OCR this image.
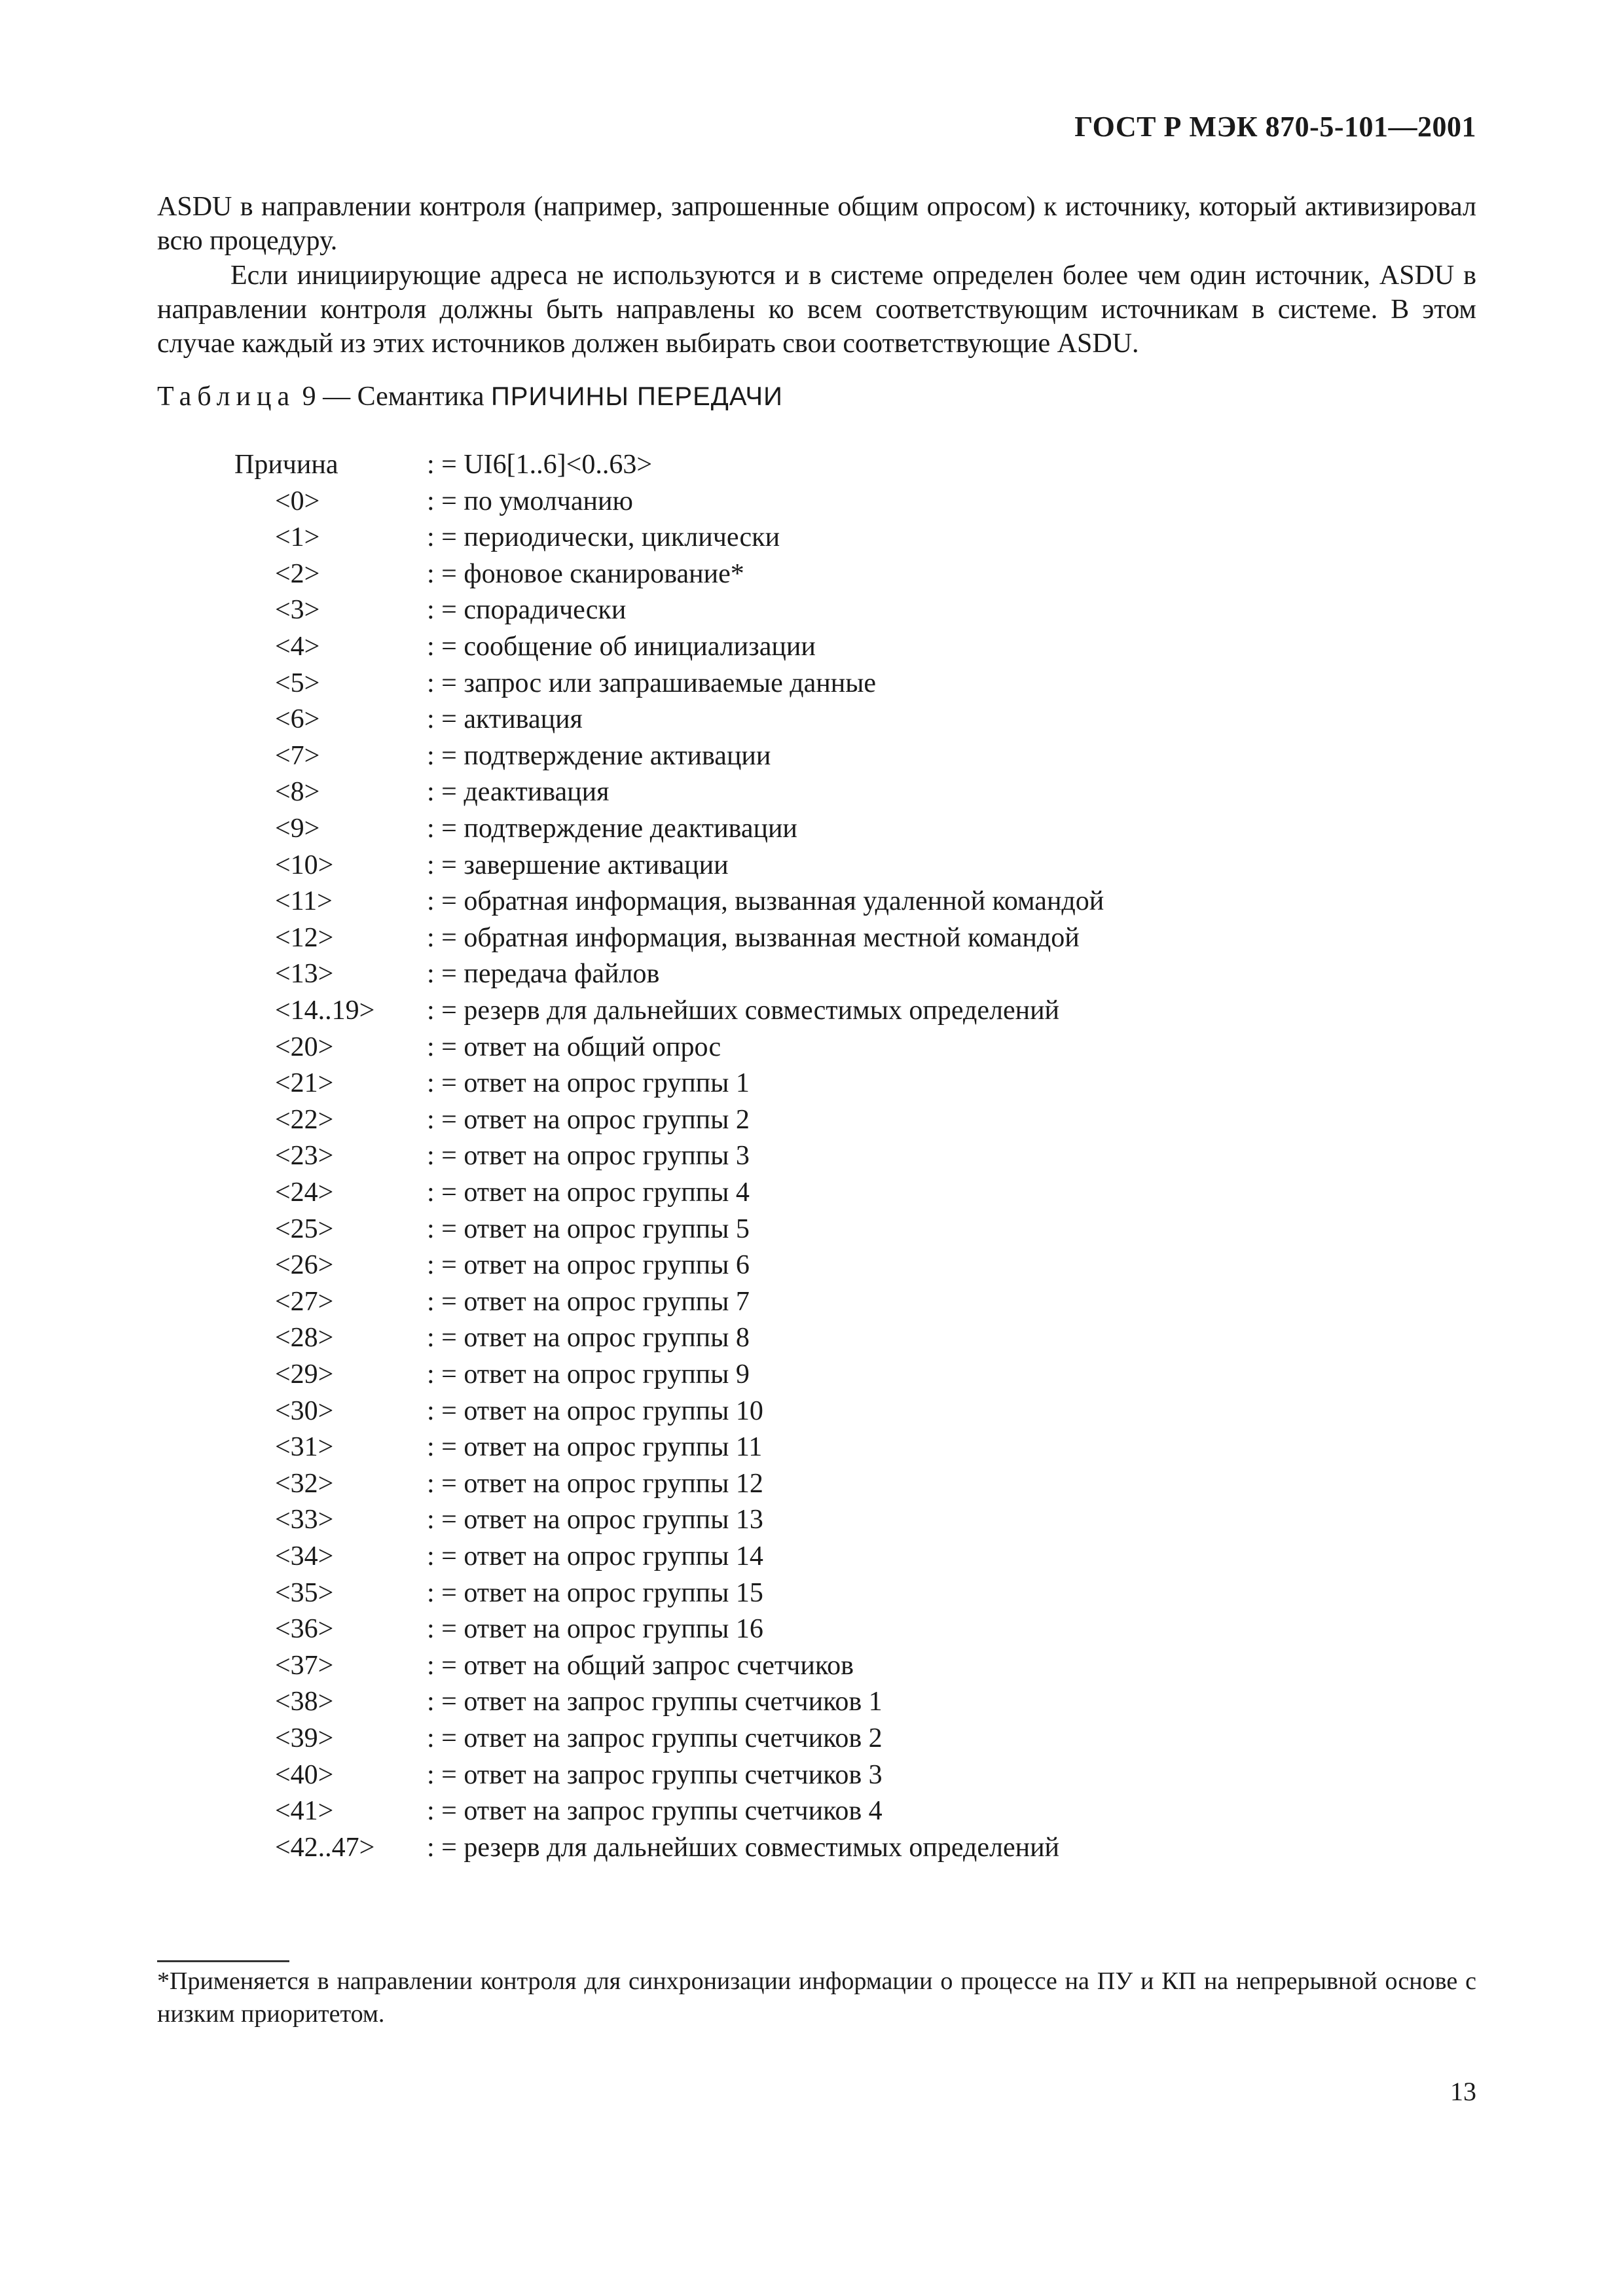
ГОСТ Р МЭК 870-5-101—2001

ASDU в направлении контроля (например, запрошенные общим опросом) к источнику, который активизировал всю процедуру.

Если инициирующие адреса не используются и в системе определен более чем один источник, ASDU в направлении контроля должны быть направлены ко всем соответствующим источникам в системе. В этом случае каждый из этих источников должен выбирать свои соответствующие ASDU.

Таблица 9 — Семантика ПРИЧИНЫ ПЕРЕДАЧИ
Причина	: = UI6[1..6]<0..63>
<0>	: = по умолчанию
<1>	: = периодически, циклически
<2>	: = фоновое сканирование*
<3>	: = спорадически
<4>	: = сообщение об инициализации
<5>	: = запрос или запрашиваемые данные
<6>	: = активация
<7>	: = подтверждение активации
<8>	: = деактивация
<9>	: = подтверждение деактивации
<10>	: = завершение активации
<11>	: = обратная информация, вызванная удаленной командой
<12>	: = обратная информация, вызванная местной командой
<13>	: = передача файлов
<14..19> : = резерв для дальнейших совместимых определений
<20>	: = ответ на общий опрос
<21>	: = ответ на опрос группы 1
<22>	: = ответ на опрос группы 2
<23>	: = ответ на опрос группы 3
<24>	: = ответ на опрос группы 4
<25>	: = ответ на опрос группы 5
<26>	: = ответ на опрос группы 6
<27>	: = ответ на опрос группы 7
<28>	: = ответ на опрос группы 8
<29>	: = ответ на опрос группы 9
<30>	: = ответ на опрос группы 10
<31>	: = ответ на опрос группы 11
<32>	: = ответ на опрос группы 12
<33>	: = ответ на опрос группы 13
<34>	: = ответ на опрос группы 14
<35>	: = ответ на опрос группы 15
<36>	: = ответ на опрос группы 16
<37>	: = ответ на общий запрос счетчиков
<38>	: = ответ на запрос группы счетчиков 1
<39>	: = ответ на запрос группы счетчиков 2
<40>	: = ответ на запрос группы счетчиков 3
<41>	: = ответ на запрос группы счетчиков 4
<42..47> : = резерв для дальнейших совместимых определений

*Применяется в направлении контроля для синхронизации информации о процессе на ПУ и КП на непрерывной основе с низким приоритетом.

13
